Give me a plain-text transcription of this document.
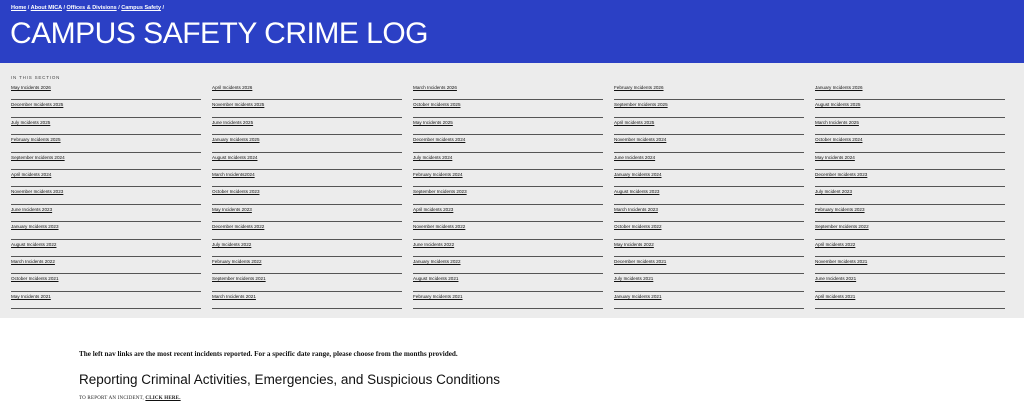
Home / About MICA / Offices & Divisions / Campus Safety /
CAMPUS SAFETY CRIME LOG
IN THIS SECTION
May Incidents 2026	April Incidents 2026	March Incidents 2026	February Incidents 2026	January Incidents 2026
December Incidents 2025	November Incidents 2025	October Incidents 2025	September Incidents 2025	August Incidents 2025
July Incidents 2025	June Incidents 2025	May Incidents 2025	April Incidents 2025	March Incidents 2025
February Incidents 2025	January Incidents 2025	December Incidents 2024	November Incidents 2024	October Incidents 2024
September Incidents 2024	August Incidents 2024	July Incidents 2024	June Incidents 2024	May Incidents 2024
April Incidents 2024	March Incidents2024	February Incidents 2024	January Incidents 2024	December Incidents 2023
November Incidents 2023	October Incidents 2023	September Incidents 2023	August Incidents 2023	July Incident 2023
June Incidents 2023	May Incidents 2023	April Incidents 2023	March Incidents 2023	February Incidents 2023
January Incidents 2023	December Incidents 2022	November Incidents 2022	October Incidents 2022	September Incidents 2022
August Incidents 2022	July Incidents 2022	June Incidents 2022	May Incidents 2022	April Incidents 2022
March Incidents 2022	February Incidents 2022	January Incidents 2022	December Incidents 2021	November Incidents 2021
October Incidents 2021	September Incidents 2021	August Incidents 2021	July Incidents 2021	June Incidents 2021
May Incidents 2021	March Incidents 2021	February Incidents 2021	January Incidents 2021	April Incidents 2021

The left nav links are the most recent incidents reported. For a specific date range, please choose from the months provided.

Reporting Criminal Activities, Emergencies, and Suspicious Conditions

TO REPORT AN INCIDENT, CLICK HERE.
